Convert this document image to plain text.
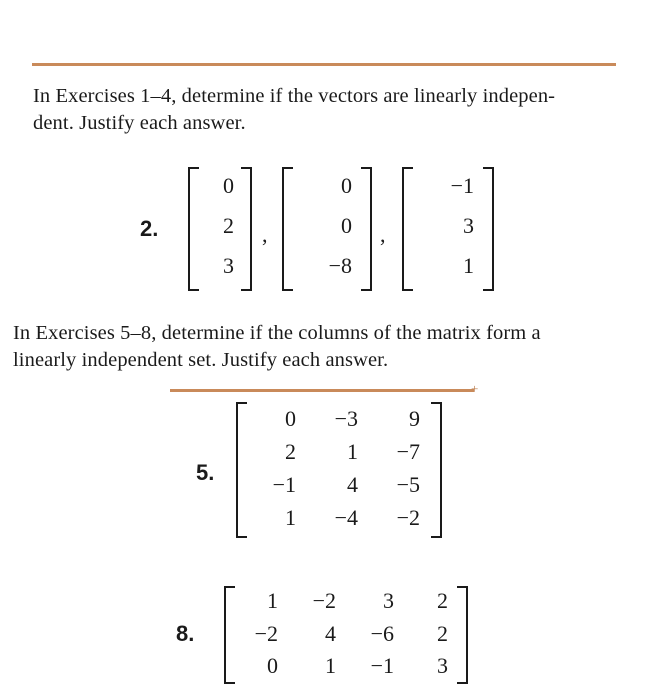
In Exercises 1–4, determine if the vectors are linearly indepen-
dent. Justify each answer.

2.
0
2
3
,
0
0
−8
,
−1
3
1

In Exercises 5–8, determine if the columns of the matrix form a
linearly independent set. Justify each answer.

+
5.
0 −3 9
2 1 −7
−1 4 −5
1 −4 −2
8.
1 −2 3 2
−2 4 −6 2
0 1 −1 3
